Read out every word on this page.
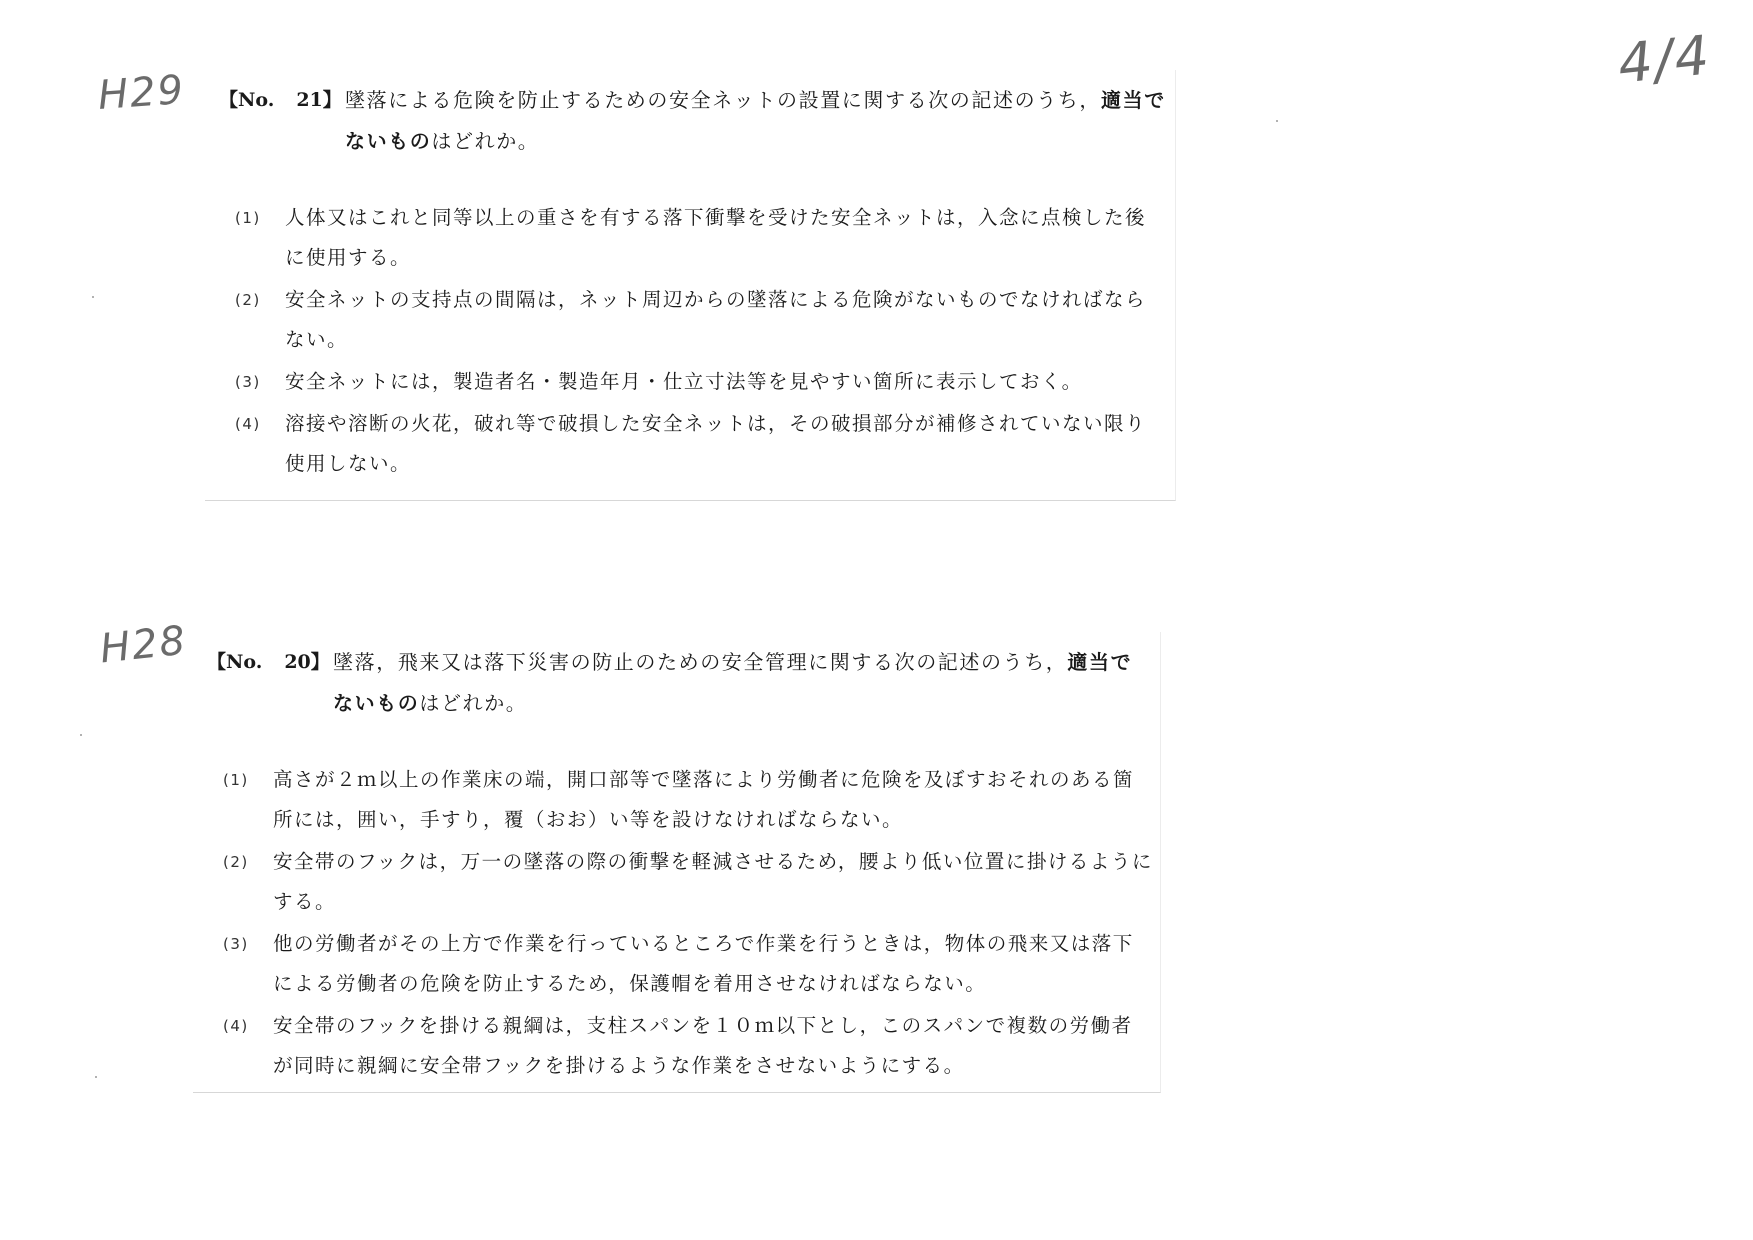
4/4
H29
H28
【No. 21】 墜落による危険を防止するための安全ネットの設置に関する次の記述のうち，適当でないものはどれか。
(1) 人体又はこれと同等以上の重さを有する落下衝撃を受けた安全ネットは，入念に点検した後に使用する。
(2) 安全ネットの支持点の間隔は，ネット周辺からの墜落による危険がないものでなければならない。
(3) 安全ネットには，製造者名・製造年月・仕立寸法等を見やすい箇所に表示しておく。
(4) 溶接や溶断の火花，破れ等で破損した安全ネットは，その破損部分が補修されていない限り使用しない。
【No. 20】 墜落，飛来又は落下災害の防止のための安全管理に関する次の記述のうち，適当でないものはどれか。
(1) 高さが２ｍ以上の作業床の端，開口部等で墜落により労働者に危険を及ぼすおそれのある箇所には，囲い，手すり，覆（おお）い等を設けなければならない。
(2) 安全帯のフックは，万一の墜落の際の衝撃を軽減させるため，腰より低い位置に掛けるようにする。
(3) 他の労働者がその上方で作業を行っているところで作業を行うときは，物体の飛来又は落下による労働者の危険を防止するため，保護帽を着用させなければならない。
(4) 安全帯のフックを掛ける親綱は，支柱スパンを１０ｍ以下とし，このスパンで複数の労働者が同時に親綱に安全帯フックを掛けるような作業をさせないようにする。
